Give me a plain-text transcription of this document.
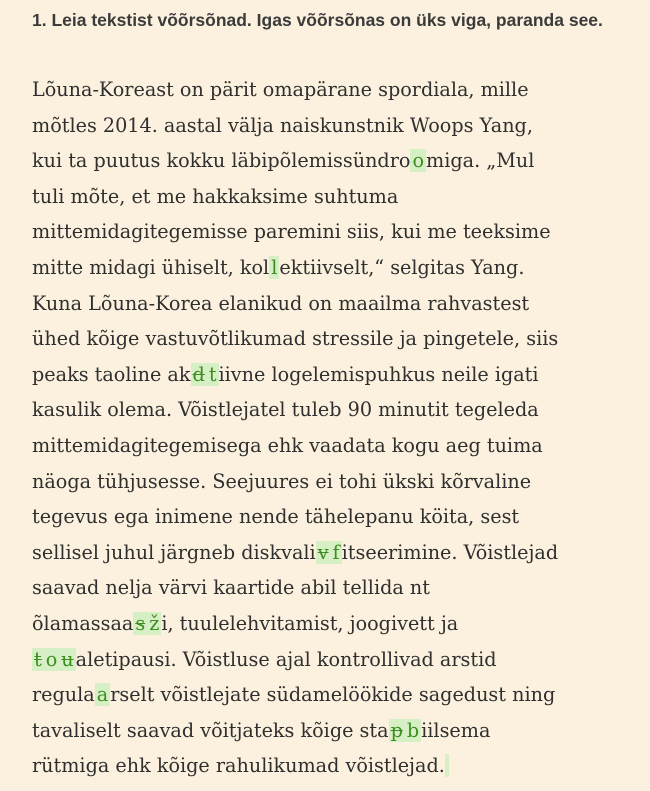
1. Leia tekstist võõrsõnad. Igas võõrsõnas on üks viga, paranda see.
Lõuna-Koreast on pärit omapärane spordiala, mille
mõtles 2014. aastal välja naiskunstnik Woops Yang,
kui ta puutus kokku läbipõlemissündro o miga. „Mul
tuli mõte, et me hakkaksime suhtuma
mittemidagitegemisse paremini siis, kui me teeksime
mitte midagi ühiselt, kol l ektiivselt,“ selgitas Yang.
Kuna Lõuna-Korea elanikud on maailma rahvastest
ühed kõige vastuvõtlikumad stressile ja pingetele, siis
peaks taoline ak d t iivne logelemispuhkus neile igati
kasulik olema. Võistlejatel tuleb 90 minutit tegeleda
mittemidagitegemisega ehk vaadata kogu aeg tuima
näoga tühjusesse. Seejuures ei tohi ükski kõrvaline
tegevus ega inimene nende tähelepanu köita, sest
sellisel juhul järgneb diskvali v f itseerimine. Võistlejad
saavad nelja värvi kaartide abil tellida nt
õlamassaa s ž i, tuulelehvitamist, joogivett ja
t o u aletipausi. Võistluse ajal kontrollivad arstid
regula a rselt võistlejate südamelöökide sagedust ning
tavaliselt saavad võitjateks kõige sta p b iilsema
rütmiga ehk kõige rahulikumad võistlejad.
